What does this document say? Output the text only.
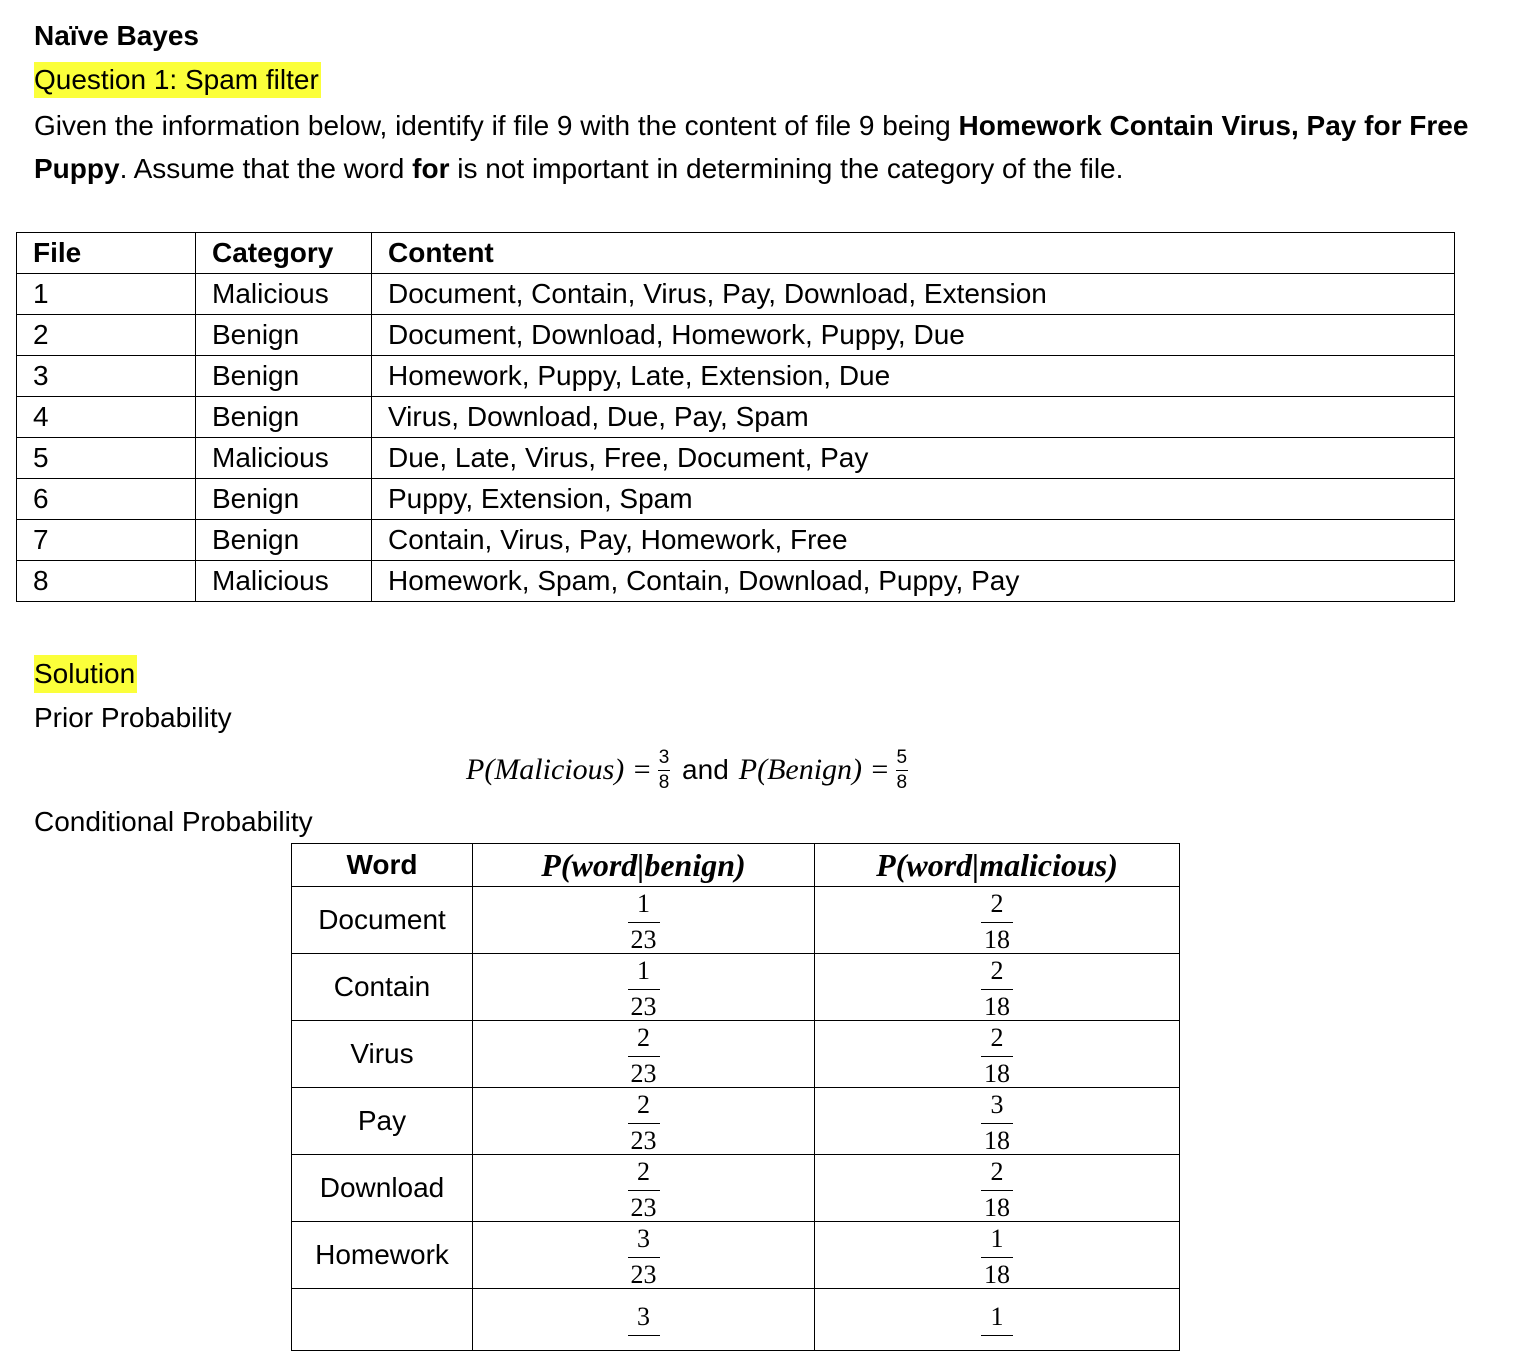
Naïve Bayes
Question 1: Spam filter
Given the information below, identify if file 9 with the content of file 9 being Homework Contain Virus, Pay for Free Puppy. Assume that the word for is not important in determining the category of the file.
File	Category	Content
1	Malicious	Document, Contain, Virus, Pay, Download, Extension
2	Benign	Document, Download, Homework, Puppy, Due
3	Benign	Homework, Puppy, Late, Extension, Due
4	Benign	Virus, Download, Due, Pay, Spam
5	Malicious	Due, Late, Virus, Free, Document, Pay
6	Benign	Puppy, Extension, Spam
7	Benign	Contain, Virus, Pay, Homework, Free
8	Malicious	Homework, Spam, Contain, Download, Puppy, Pay
Solution
Prior Probability
P(Malicious) = 3
8 and P(Benign) = 5
8
Conditional Probability
Word	P(word|benign)	P(word|malicious)
Document	$\frac{1}{23}$	$\frac{2}{18}$

Contain	$\frac{1}{23}$	$\frac{2}{18}$

Virus	$\frac{2}{23}$	$\frac{2}{18}$

Pay	$\frac{2}{23}$	$\frac{3}{18}$

Download	$\frac{2}{23}$	$\frac{2}{18}$

Homework	$\frac{3}{23}$	$\frac{1}{18}$

	3	1
